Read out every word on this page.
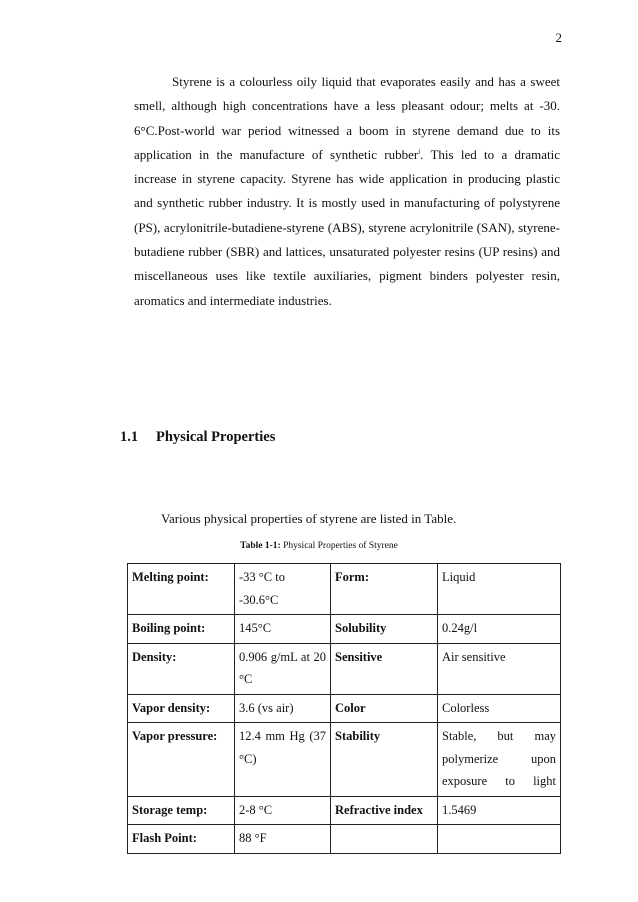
2

Styrene is a colourless oily liquid that evaporates easily and has a sweet smell, although high concentrations have a less pleasant odour; melts at -30. 6°C.Post-world war period witnessed a boom in styrene demand due to its application in the manufacture of synthetic rubber$^i$. This led to a dramatic increase in styrene capacity. Styrene has wide application in producing plastic and synthetic rubber industry. It is mostly used in manufacturing of polystyrene (PS), acrylonitrile-butadiene-styrene (ABS), styrene acrylonitrile (SAN), styrene-butadiene rubber (SBR) and lattices, unsaturated polyester resins (UP resins) and miscellaneous uses like textile auxiliaries, pigment binders polyester resin, aromatics and intermediate industries.

1.1 Physical Properties
Various physical properties of styrene are listed in Table.
Table 1-1: Physical Properties of Styrene
Melting point:	-33 °C to -30.6°C	Form:	Liquid
Boiling point:	145°C	Solubility	0.24g/l
Density:	0.906 g/mL at 20 °C	Sensitive	Air sensitive
Vapor density:	3.6 (vs air)	Color	Colorless
Vapor pressure:	12.4 mm Hg (37 °C)	Stability	Stable, but may polymerize upon exposure to light
Storage temp:	2-8 °C	Refractive index	1.5469
Flash Point:	88 °F		
